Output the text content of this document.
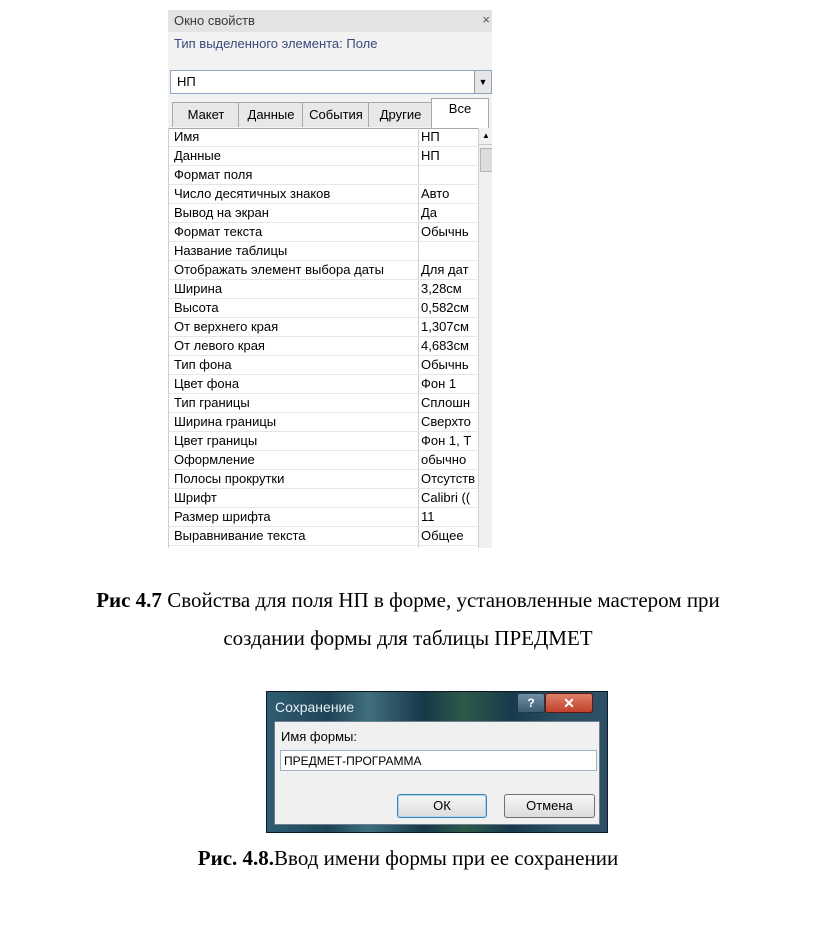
Окно свойств	×
Тип выделенного элемента: Поле
НП	▼
Макет	Данные	События	Другие	Все
Имя	НП
Данные	НП
Формат поля
Число десятичных знаков	Авто
Вывод на экран	Да
Формат текста	Обычнь
Название таблицы
Отображать элемент выбора даты	Для дат
Ширина	3,28см
Высота	0,582см
От верхнего края	1,307см
От левого края	4,683см
Тип фона	Обычнь
Цвет фона	Фон 1
Тип границы	Сплошн
Ширина границы	Сверхто
Цвет границы	Фон 1, Т
Оформление	обычно
Полосы прокрутки	Отсутств
Шрифт	Calibri ((
Размер шрифта	11
Выравнивание текста	Общее
▲
Рис 4.7 Свойства для поля НП в форме, установленные мастером при
создании формы для таблицы ПРЕДМЕТ
Сохранение	?	✕
Имя формы:
ПРЕДМЕТ-ПРОГРАММА
ОК	Отмена
Рис. 4.8.Ввод имени формы при ее сохранении
